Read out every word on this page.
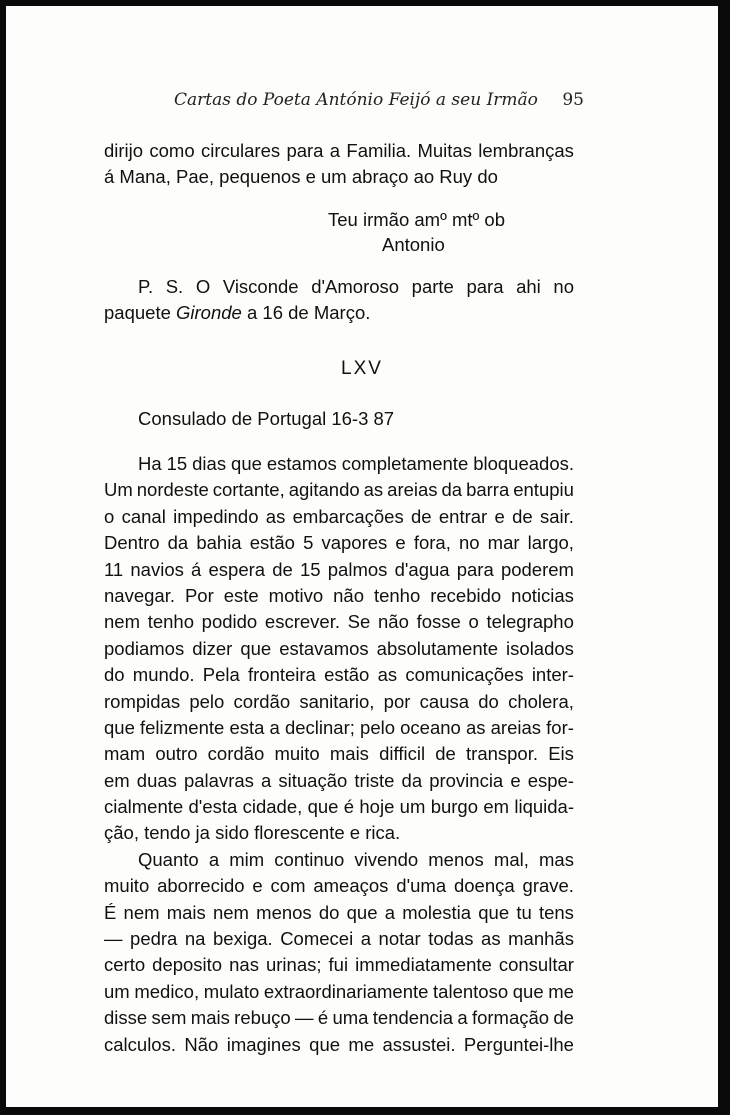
Cartas do Poeta António Feijó a seu Irmão 95
dirijo como circulares para a Familia. Muitas lembranças
á Mana, Pae, pequenos e um abraço ao Ruy do
Teu irmão amº mtº ob
Antonio
P. S. O Visconde d'Amoroso parte para ahi no
paquete Gironde a 16 de Março.
LXV
Consulado de Portugal 16-3 87
Ha 15 dias que estamos completamente bloqueados.
Um nordeste cortante, agitando as areias da barra entupiu
o canal impedindo as embarcações de entrar e de sair.
Dentro da bahia estão 5 vapores e fora, no mar largo,
11 navios á espera de 15 palmos d'agua para poderem
navegar. Por este motivo não tenho recebido noticias
nem tenho podido escrever. Se não fosse o telegrapho
podiamos dizer que estavamos absolutamente isolados
do mundo. Pela fronteira estão as comunicações inter-
rompidas pelo cordão sanitario, por causa do cholera,
que felizmente esta a declinar; pelo oceano as areias for-
mam outro cordão muito mais difficil de transpor. Eis
em duas palavras a situação triste da provincia e espe-
cialmente d'esta cidade, que é hoje um burgo em liquida-
ção, tendo ja sido florescente e rica.
Quanto a mim continuo vivendo menos mal, mas
muito aborrecido e com ameaços d'uma doença grave.
É nem mais nem menos do que a molestia que tu tens
— pedra na bexiga. Comecei a notar todas as manhãs
certo deposito nas urinas; fui immediatamente consultar
um medico, mulato extraordinariamente talentoso que me
disse sem mais rebuço — é uma tendencia a formação de
calculos. Não imagines que me assustei. Perguntei-lhe
